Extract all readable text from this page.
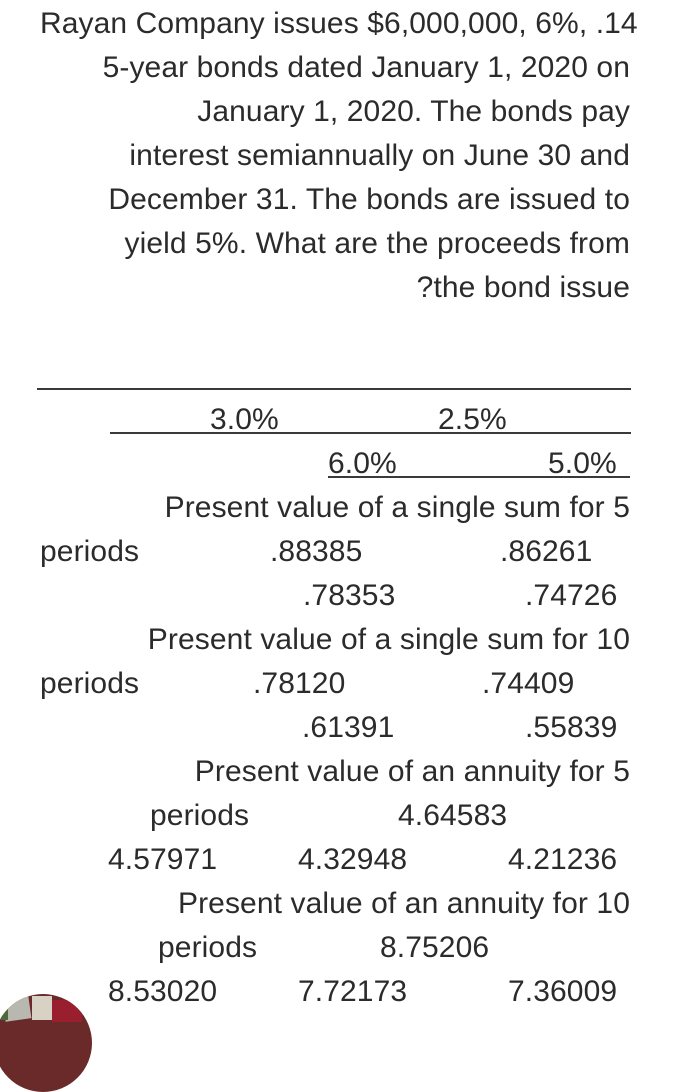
Rayan Company issues $6,000,000, 6%, .14
5-year bonds dated January 1, 2020 on
January 1, 2020. The bonds pay
interest semiannually on June 30 and
December 31. The bonds are issued to
yield 5%. What are the proceeds from
?the bond issue
3.0%	2.5%
6.0%	5.0%
Present value of a single sum for 5
periods	.88385	.86261
.78353	.74726
Present value of a single sum for 10
periods	.78120	.74409
.61391	.55839
Present value of an annuity for 5
periods	4.64583
4.57971	4.32948	4.21236
Present value of an annuity for 10
periods	8.75206
8.53020	7.72173	7.36009
